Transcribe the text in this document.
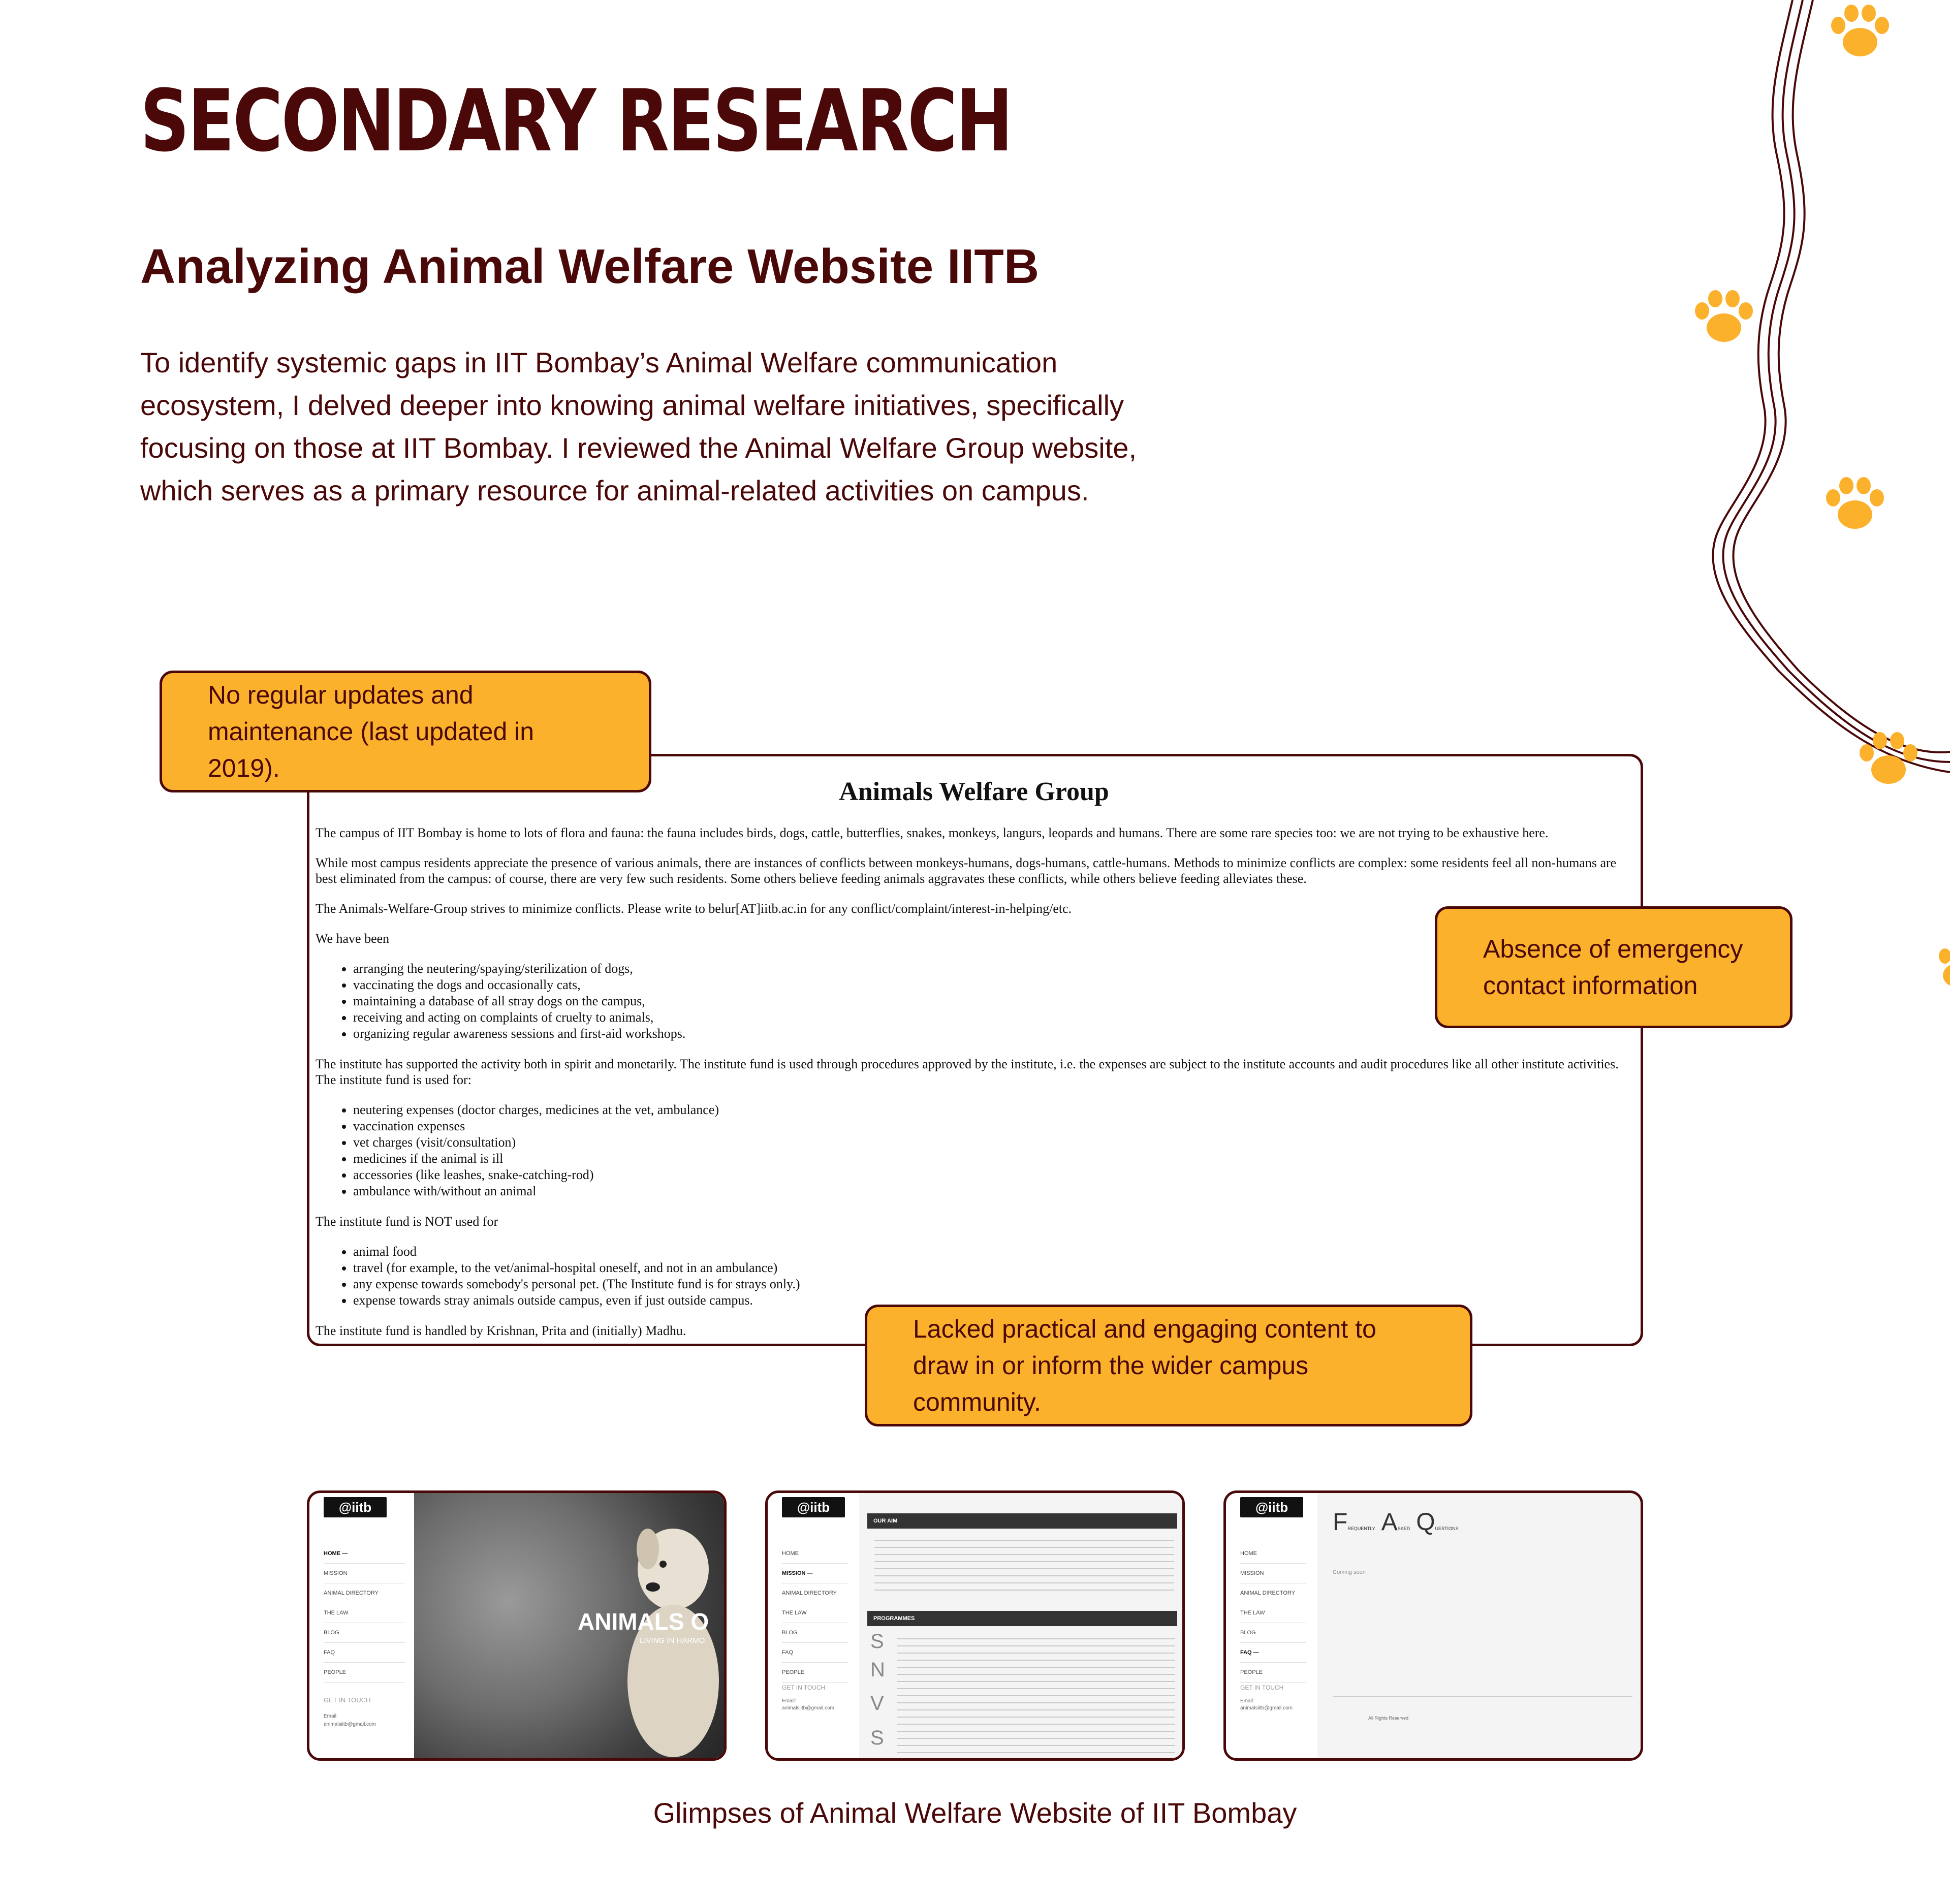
SECONDARY RESEARCH
Analyzing Animal Welfare Website IITB

To identify systemic gaps in IIT Bombay’s Animal Welfare communication ecosystem, I delved deeper into knowing animal welfare initiatives, specifically focusing on those at IIT Bombay. I reviewed the Animal Welfare Group website, which serves as a primary resource for animal-related activities on campus.

Animals Welfare Group

The campus of IIT Bombay is home to lots of flora and fauna: the fauna includes birds, dogs, cattle, butterflies, snakes, monkeys, langurs, leopards and humans. There are some rare species too: we are not trying to be exhaustive here.

While most campus residents appreciate the presence of various animals, there are instances of conflicts between monkeys-humans, dogs-humans, cattle-humans. Methods to minimize conflicts are complex: some residents feel all non-humans are best eliminated from the campus: of course, there are very few such residents. Some others believe feeding animals aggravates these conflicts, while others believe feeding alleviates these.

The Animals-Welfare-Group strives to minimize conflicts. Please write to belur[AT]iitb.ac.in for any conflict/complaint/interest-in-helping/etc.

We have been

• arranging the neutering/spaying/sterilization of dogs,
• vaccinating the dogs and occasionally cats,
• maintaining a database of all stray dogs on the campus,
• receiving and acting on complaints of cruelty to animals,
• organizing regular awareness sessions and first-aid workshops.

The institute has supported the activity both in spirit and monetarily. The institute fund is used through procedures approved by the institute, i.e. the expenses are subject to the institute accounts and audit procedures like all other institute activities. The institute fund is used for:

• neutering expenses (doctor charges, medicines at the vet, ambulance)
• vaccination expenses
• vet charges (visit/consultation)
• medicines if the animal is ill
• accessories (like leashes, snake-catching-rod)
• ambulance with/without an animal

The institute fund is NOT used for

• animal food
• travel (for example, to the vet/animal-hospital oneself, and not in an ambulance)
• any expense towards somebody's personal pet. (The Institute fund is for strays only.)
• expense towards stray animals outside campus, even if just outside campus.

The institute fund is handled by Krishnan, Prita and (initially) Madhu.

No regular updates and maintenance (last updated in 2019).
Absence of emergency contact information
Lacked practical and engaging content to draw in or inform the wider campus community.
@iitb
HOME —
MISSION
ANIMAL DIRECTORY
THE LAW
BLOG
FAQ
PEOPLE
GET IN TOUCH
Email:
animalsiitb@gmail.com
ANIMALS O
LIVING IN HARMO
@iitb
HOME
MISSION —
ANIMAL DIRECTORY
THE LAW
BLOG
FAQ
PEOPLE
GET IN TOUCH
Email:
animalsiitb@gmail.com
OUR AIM
PROGRAMMES
S
N
V
S
@iitb
HOME
MISSION
ANIMAL DIRECTORY
THE LAW
BLOG
FAQ —
PEOPLE
GET IN TOUCH
Email:
animalsiitb@gmail.com
FREQUENTLY ASKED QUESTIONS
Coming soon
All Rights Reserved

Glimpses of Animal Welfare Website of IIT Bombay
